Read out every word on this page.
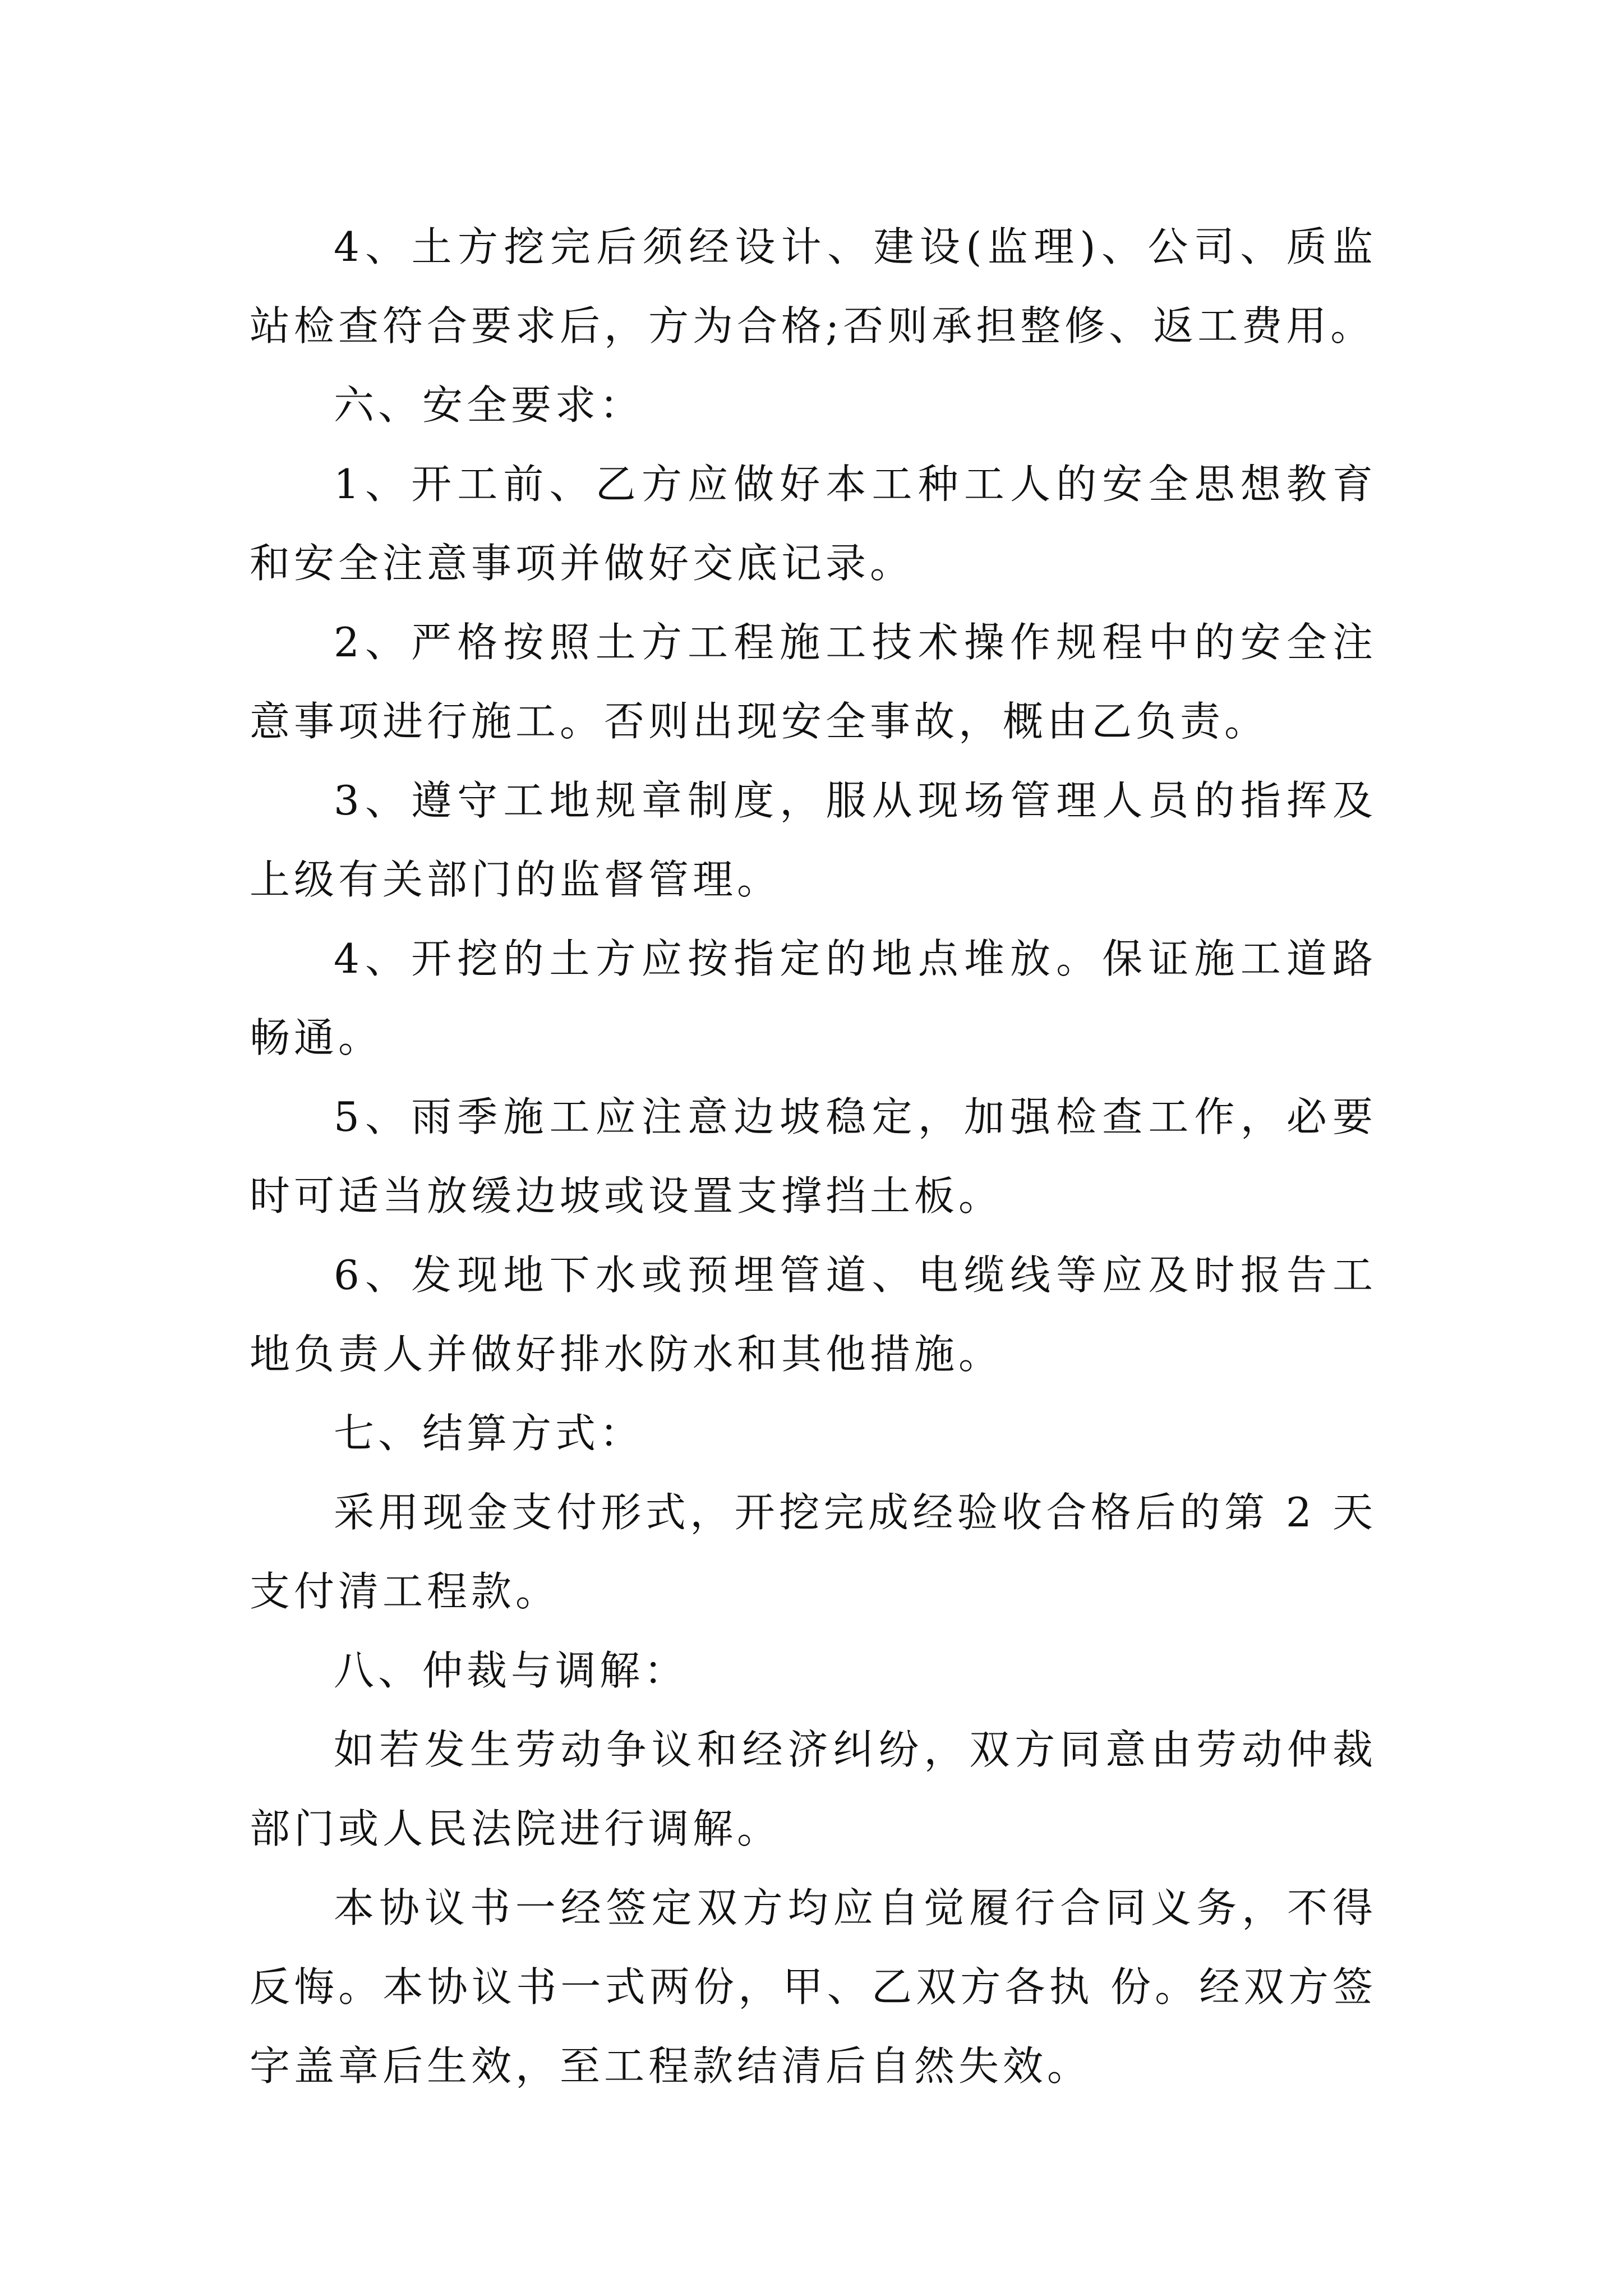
4、土方挖完后须经设计、建设(监理)、公司、质监站检查符合要求后，方为合格;否则承担整修、返工费用。

六、安全要求：

1、开工前、乙方应做好本工种工人的安全思想教育和安全注意事项并做好交底记录。

2、严格按照土方工程施工技术操作规程中的安全注意事项进行施工。否则出现安全事故，概由乙负责。

3、遵守工地规章制度，服从现场管理人员的指挥及上级有关部门的监督管理。

4、开挖的土方应按指定的地点堆放。保证施工道路畅通。

5、雨季施工应注意边坡稳定，加强检查工作，必要时可适当放缓边坡或设置支撑挡土板。

6、发现地下水或预埋管道、电缆线等应及时报告工地负责人并做好排水防水和其他措施。

七、结算方式：

采用现金支付形式，开挖完成经验收合格后的第 2 天支付清工程款。

八、仲裁与调解：

如若发生劳动争议和经济纠纷，双方同意由劳动仲裁部门或人民法院进行调解。

本协议书一经签定双方均应自觉履行合同义务，不得反悔。本协议书一式两份，甲、乙双方各执 份。经双方签字盖章后生效，至工程款结清后自然失效。
